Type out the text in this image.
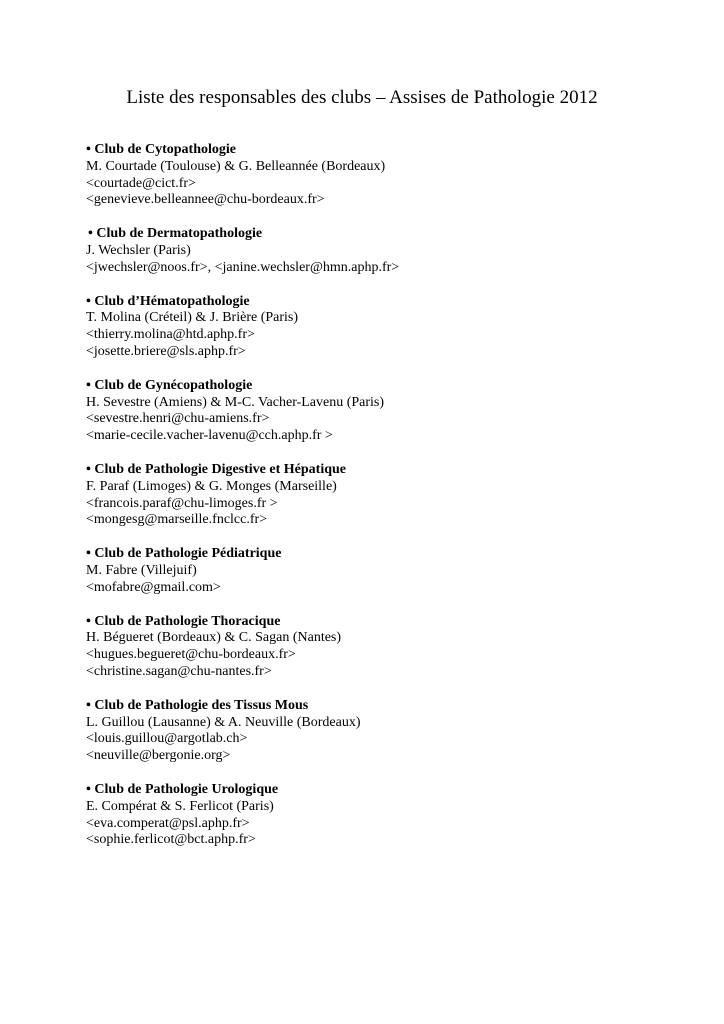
Liste des responsables des clubs – Assises de Pathologie 2012
• Club de Cytopathologie
M. Courtade (Toulouse) & G. Belleannée (Bordeaux)
<courtade@cict.fr>
<genevieve.belleannee@chu-bordeaux.fr>
• Club de Dermatopathologie
J. Wechsler (Paris)
<jwechsler@noos.fr>, <janine.wechsler@hmn.aphp.fr>
• Club d’Hématopathologie
T. Molina (Créteil) & J. Brière (Paris)
<thierry.molina@htd.aphp.fr>
<josette.briere@sls.aphp.fr>
• Club de Gynécopathologie
H. Sevestre (Amiens) & M-C. Vacher-Lavenu (Paris)
<sevestre.henri@chu-amiens.fr>
<marie-cecile.vacher-lavenu@cch.aphp.fr >
• Club de Pathologie Digestive et Hépatique
F. Paraf (Limoges) & G. Monges (Marseille)
<francois.paraf@chu-limoges.fr >
<mongesg@marseille.fnclcc.fr>
• Club de Pathologie Pédiatrique
M. Fabre (Villejuif)
<mofabre@gmail.com>
• Club de Pathologie Thoracique
H. Bégueret (Bordeaux) & C. Sagan (Nantes)
<hugues.begueret@chu-bordeaux.fr>
<christine.sagan@chu-nantes.fr>
• Club de Pathologie des Tissus Mous
L. Guillou (Lausanne) & A. Neuville (Bordeaux)
<louis.guillou@argotlab.ch>
<neuville@bergonie.org>
• Club de Pathologie Urologique
E. Compérat & S. Ferlicot (Paris)
<eva.comperat@psl.aphp.fr>
<sophie.ferlicot@bct.aphp.fr>
